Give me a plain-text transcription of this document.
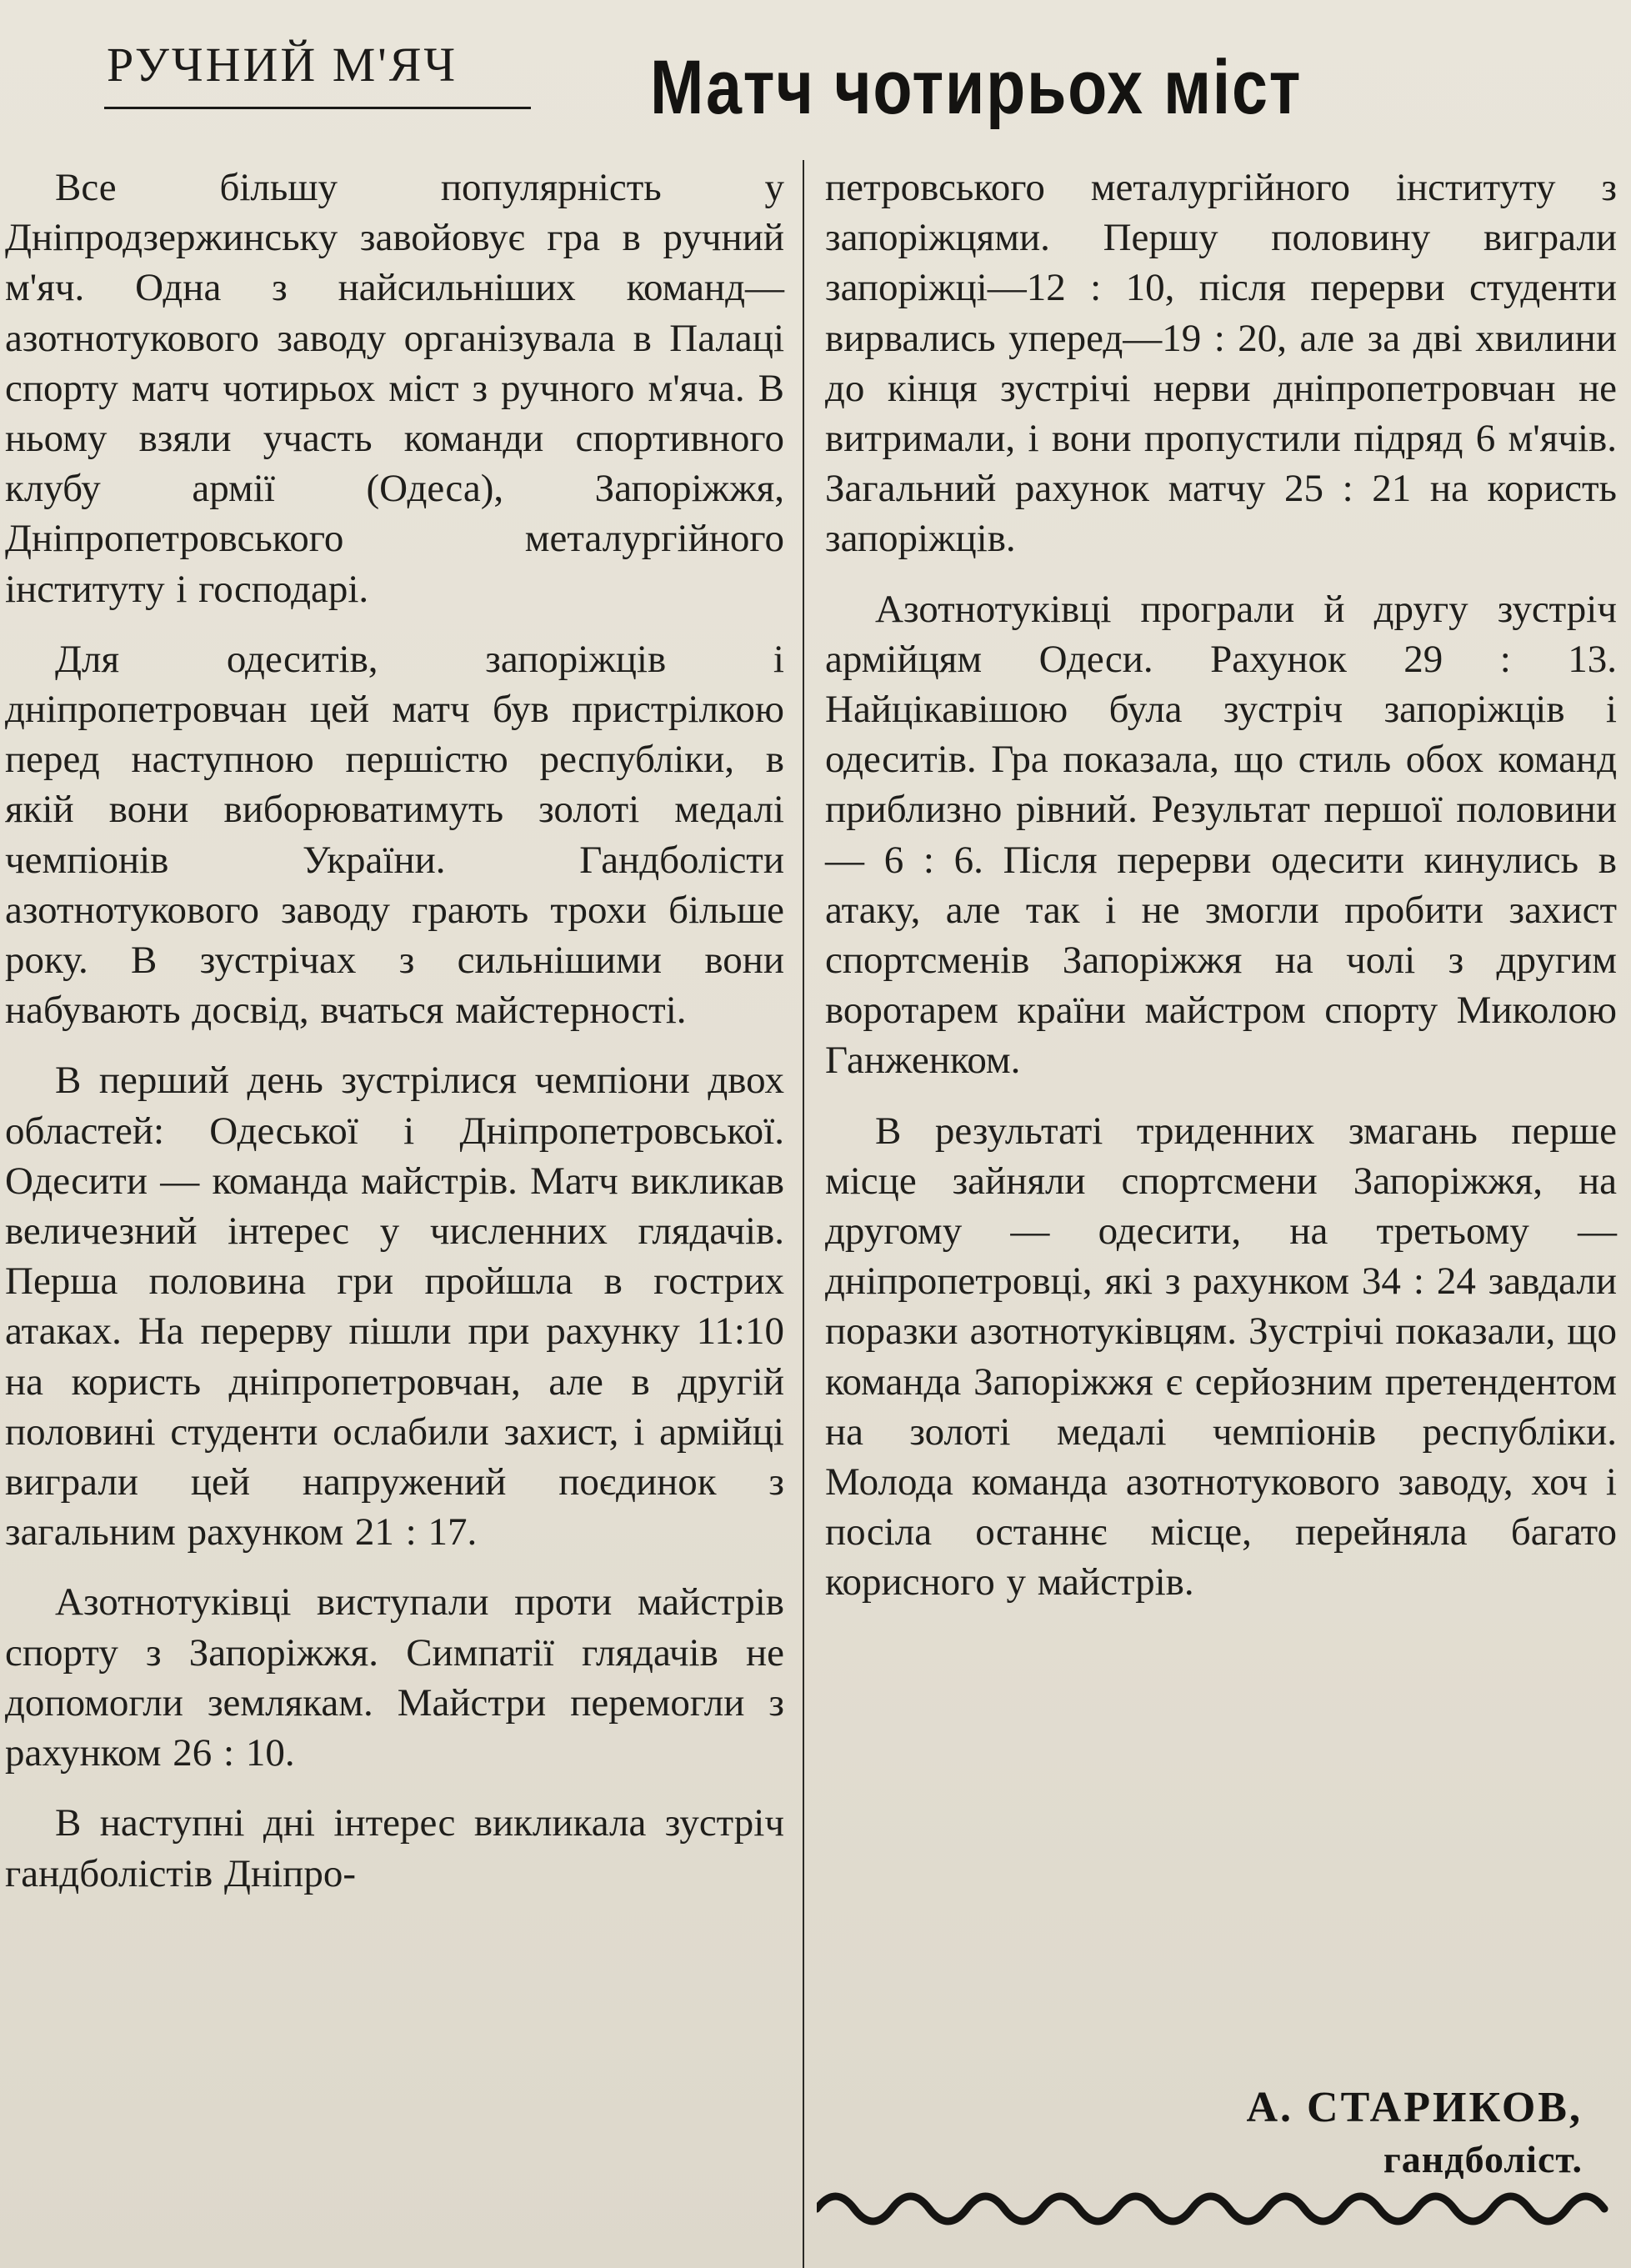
РУЧНИЙ М'ЯЧ	Матч чотирьох міст

Все більшу популярність у Дніпродзержинську завойовує гра в ручний м'яч. Одна з найсильніших команд—азотнотукового заводу організувала в Палаці спорту матч чотирьох міст з ручного м'яча. В ньому взяли участь команди спортивного клубу армії (Одеса), Запоріжжя, Дніпропетровського металургійного інституту і господарі.

Для одеситів, запоріжців і дніпропетровчан цей матч був пристрілкою перед наступною першістю республіки, в якій вони виборюватимуть золоті медалі чемпіонів України. Гандболісти азотнотукового заводу грають трохи більше року. В зустрічах з сильнішими вони набувають досвід, вчаться майстерності.

В перший день зустрілися чемпіони двох областей: Одеської і Дніпропетровської. Одесити — команда майстрів. Матч викликав величезний інтерес у численних глядачів. Перша половина гри пройшла в гострих атаках. На перерву пішли при рахунку 11:10 на користь дніпропетровчан, але в другій половині студенти ослабили захист, і армійці виграли цей напружений поєдинок з загальним рахунком 21 : 17.

Азотнотуківці виступали проти майстрів спорту з Запоріжжя. Симпатії глядачів не допомогли землякам. Майстри перемогли з рахунком 26 : 10.

В наступні дні інтерес викликала зустріч гандболістів Дніпро-

петровського металургійного інституту з запоріжцями. Першу половину виграли запоріжці—12 : 10, після перерви студенти вирвались уперед—19 : 20, але за дві хвилини до кінця зустрічі нерви дніпропетровчан не витримали, і вони пропустили підряд 6 м'ячів. Загальний рахунок матчу 25 : 21 на користь запоріжців.

Азотнотуківці програли й другу зустріч армійцям Одеси. Рахунок 29 : 13. Найцікавішою була зустріч запоріжців і одеситів. Гра показала, що стиль обох команд приблизно рівний. Результат першої половини — 6 : 6. Після перерви одесити кинулись в атаку, але так і не змогли пробити захист спортсменів Запоріжжя на чолі з другим воротарем країни майстром спорту Миколою Ганженком.

В результаті триденних змагань перше місце зайняли спортсмени Запоріжжя, на другому — одесити, на третьому — дніпропетровці, які з рахунком 34 : 24 завдали поразки азотнотуківцям. Зустрічі показали, що команда Запоріжжя є серйозним претендентом на золоті медалі чемпіонів республіки. Молода команда азотнотукового заводу, хоч і посіла останнє місце, перейняла багато корисного у майстрів.

А. СТАРИКОВ,
гандболіст.
